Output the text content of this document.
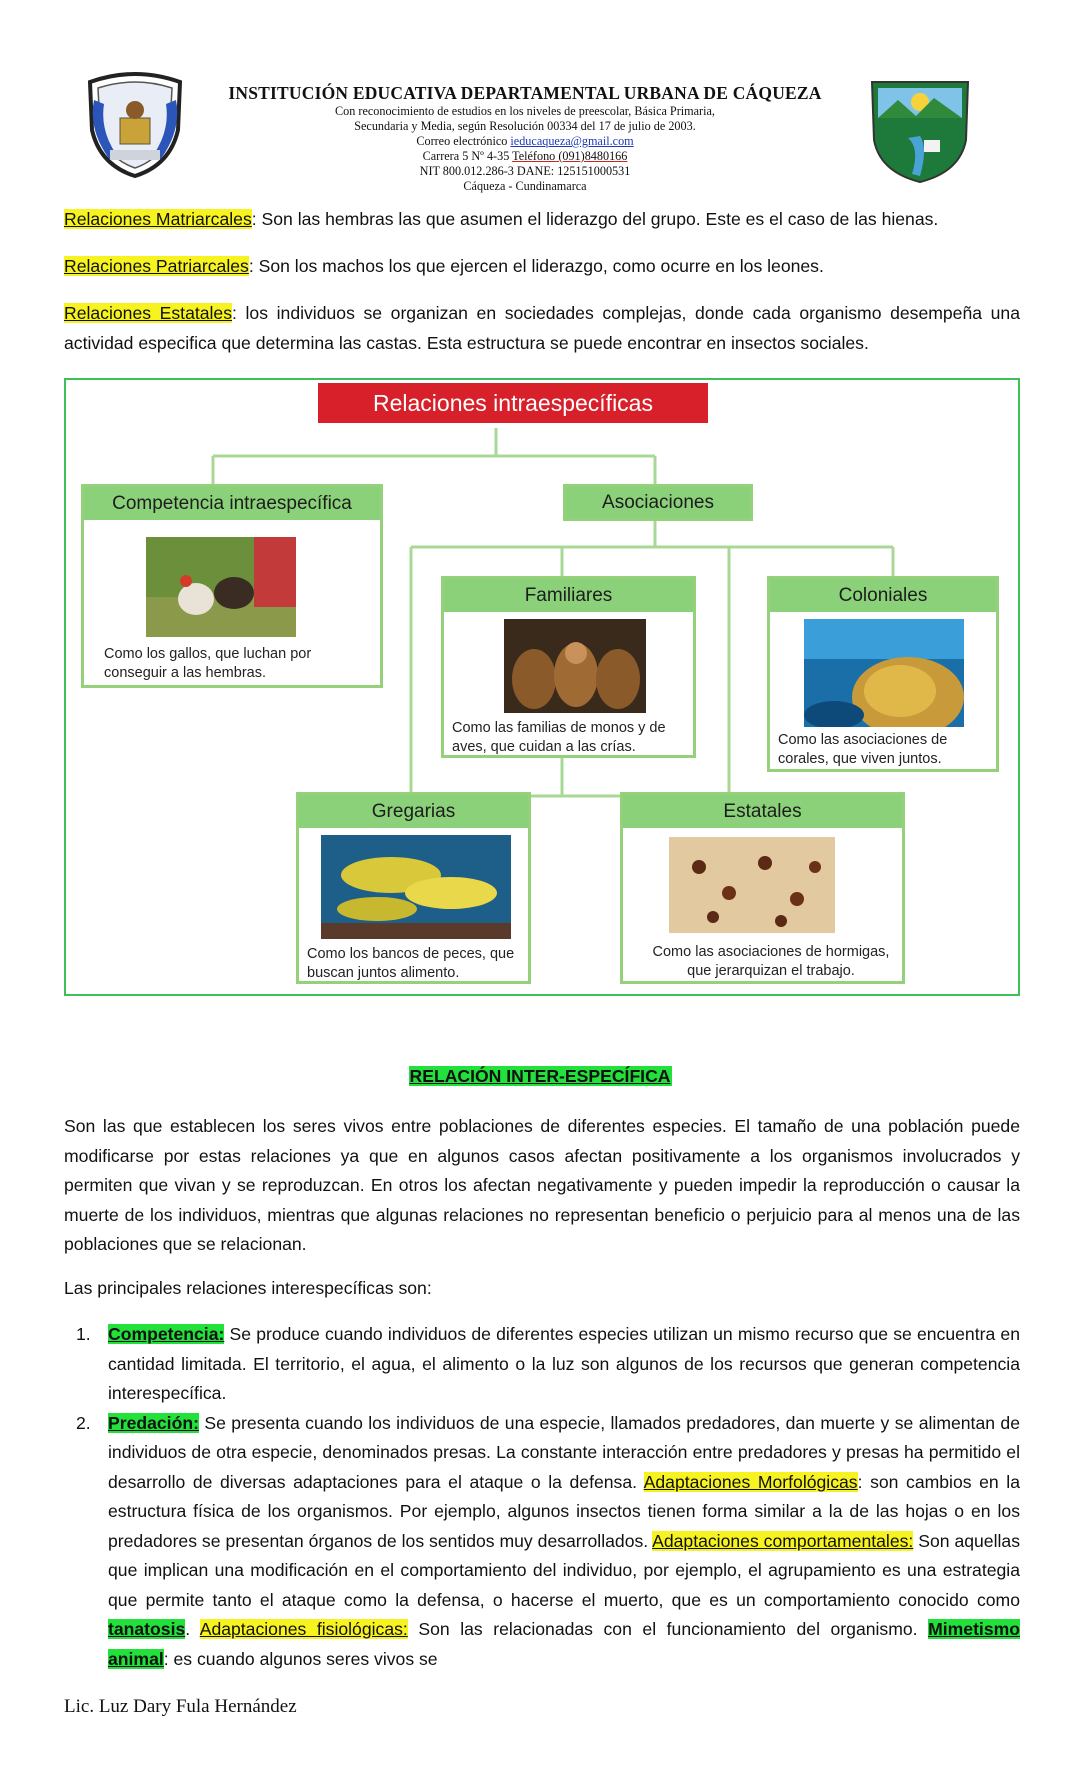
INSTITUCIÓN EDUCATIVA DEPARTAMENTAL URBANA DE CÁQUEZA
Con reconocimiento de estudios en los niveles de preescolar, Básica Primaria,
Secundaria y Media, según Resolución 00334 del 17 de julio de 2003.
Correo electrónico ieducaqueza@gmail.com
Carrera 5 Nº 4-35 Teléfono (091)8480166
NIT 800.012.286-3 DANE: 125151000531
Cáqueza - Cundinamarca
Relaciones Matriarcales: Son las hembras las que asumen el liderazgo del grupo. Este es el caso de las hienas.
Relaciones Patriarcales: Son los machos los que ejercen el liderazgo, como ocurre en los leones.
Relaciones Estatales: los individuos se organizan en sociedades complejas, donde cada organismo desempeña una actividad especifica que determina las castas. Esta estructura se puede encontrar en insectos sociales.
Relaciones intraespecíficas
Competencia intraespecífica
Como los gallos, que luchan por conseguir a las hembras.
Asociaciones
Familiares
Como las familias de monos y de aves, que cuidan a las crías.
Coloniales
Como las asociaciones de corales, que viven juntos.
Gregarias
Como los bancos de peces, que buscan juntos alimento.
Estatales
Como las asociaciones de hormigas, que jerarquizan el trabajo.
RELACIÓN INTER-ESPECÍFICA
Son las que establecen los seres vivos entre poblaciones de diferentes especies. El tamaño de una población puede modificarse por estas relaciones ya que en algunos casos afectan positivamente a los organismos involucrados y permiten que vivan y se reproduzcan. En otros los afectan negativamente y pueden impedir la reproducción o causar la muerte de los individuos, mientras que algunas relaciones no representan beneficio o perjuicio para al menos una de las poblaciones que se relacionan.
Las principales relaciones interespecíficas son:
1. Competencia: Se produce cuando individuos de diferentes especies utilizan un mismo recurso que se encuentra en cantidad limitada. El territorio, el agua, el alimento o la luz son algunos de los recursos que generan competencia interespecífica.
2. Predación: Se presenta cuando los individuos de una especie, llamados predadores, dan muerte y se alimentan de individuos de otra especie, denominados presas. La constante interacción entre predadores y presas ha permitido el desarrollo de diversas adaptaciones para el ataque o la defensa. Adaptaciones Morfológicas: son cambios en la estructura física de los organismos. Por ejemplo, algunos insectos tienen forma similar a la de las hojas o en los predadores se presentan órganos de los sentidos muy desarrollados. Adaptaciones comportamentales: Son aquellas que implican una modificación en el comportamiento del individuo, por ejemplo, el agrupamiento es una estrategia que permite tanto el ataque como la defensa, o hacerse el muerto, que es un comportamiento conocido como tanatosis. Adaptaciones fisiológicas: Son las relacionadas con el funcionamiento del organismo. Mimetismo animal: es cuando algunos seres vivos se
Lic. Luz Dary Fula Hernández
